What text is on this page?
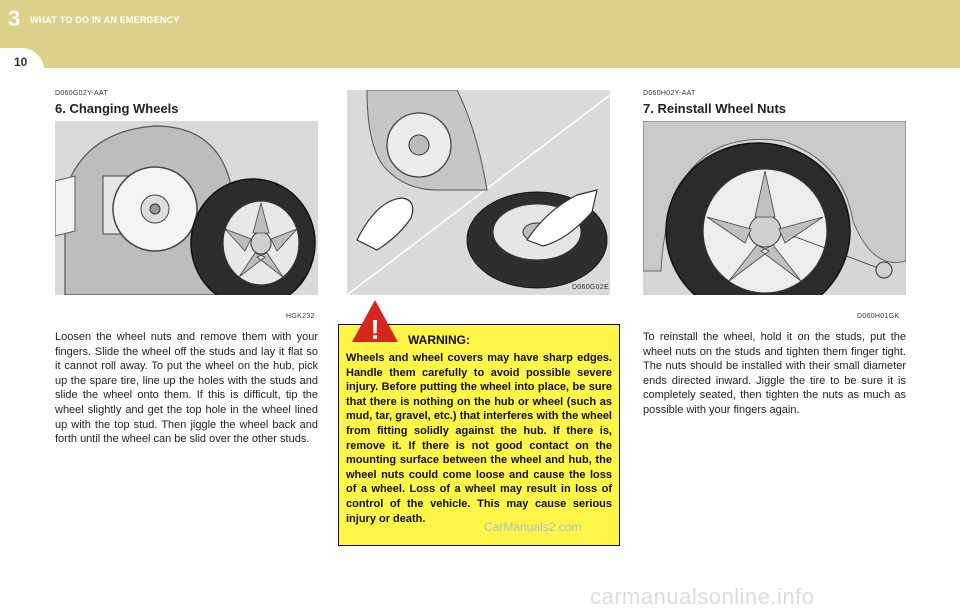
3 WHAT TO DO IN AN EMERGENCY
10
D060G02Y-AAT
6. Changing Wheels
HGK232
Loosen the wheel nuts and remove them with your fingers. Slide the wheel off the studs and lay it flat so it cannot roll away. To put the wheel on the hub, pick up the spare tire, line up the holes with the studs and slide the wheel onto them. If this is difficult, tip the wheel slightly and get the top hole in the wheel lined up with the top stud. Then jiggle the wheel back and forth until the wheel can be slid over the other studs.
D060G02E
! WARNING:
Wheels and wheel covers may have sharp edges. Handle them carefully to avoid possible severe injury. Before putting the wheel into place, be sure that there is nothing on the hub or wheel (such as mud, tar, gravel, etc.) that interferes with the wheel from fitting solidly against the hub. If there is, remove it. If there is not good contact on the mounting surface between the wheel and hub, the wheel nuts could come loose and cause the loss of a wheel. Loss of a wheel may result in loss of control of the vehicle. This may cause serious injury or death.
D060H02Y-AAT
7. Reinstall Wheel Nuts
D060H01GK
To reinstall the wheel, hold it on the studs, put the wheel nuts on the studs and tighten them finger tight. The nuts should be installed with their small diameter ends directed inward. Jiggle the tire to be sure it is completely seated, then tighten the nuts as much as possible with your fingers again.
CarManuals2.com
carmanualsonline.info
